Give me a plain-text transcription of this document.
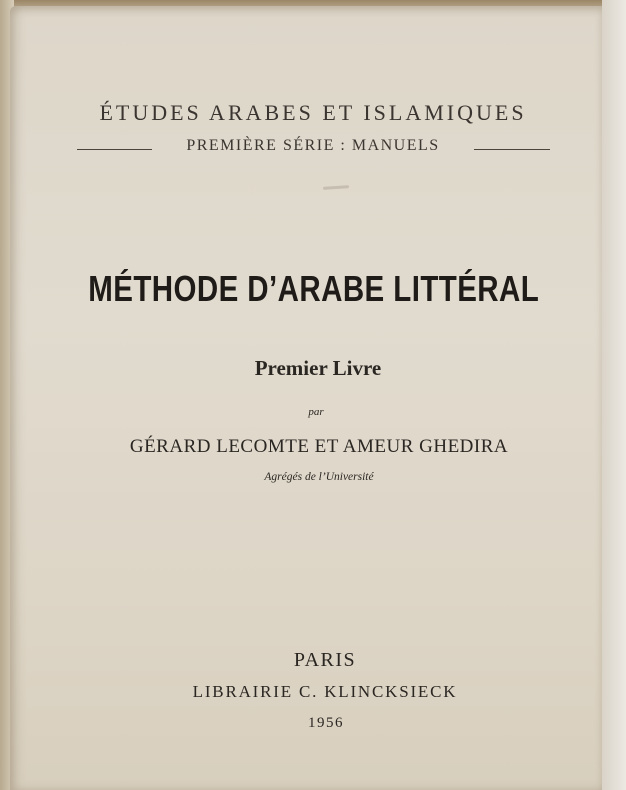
ÉTUDES ARABES ET ISLAMIQUES
PREMIÈRE SÉRIE : MANUELS
MÉTHODE D’ARABE LITTÉRAL
Premier Livre
par
GÉRARD LECOMTE ET AMEUR GHEDIRA
Agrégés de l’Université
PARIS
LIBRAIRIE C. KLINCKSIECK
1956
